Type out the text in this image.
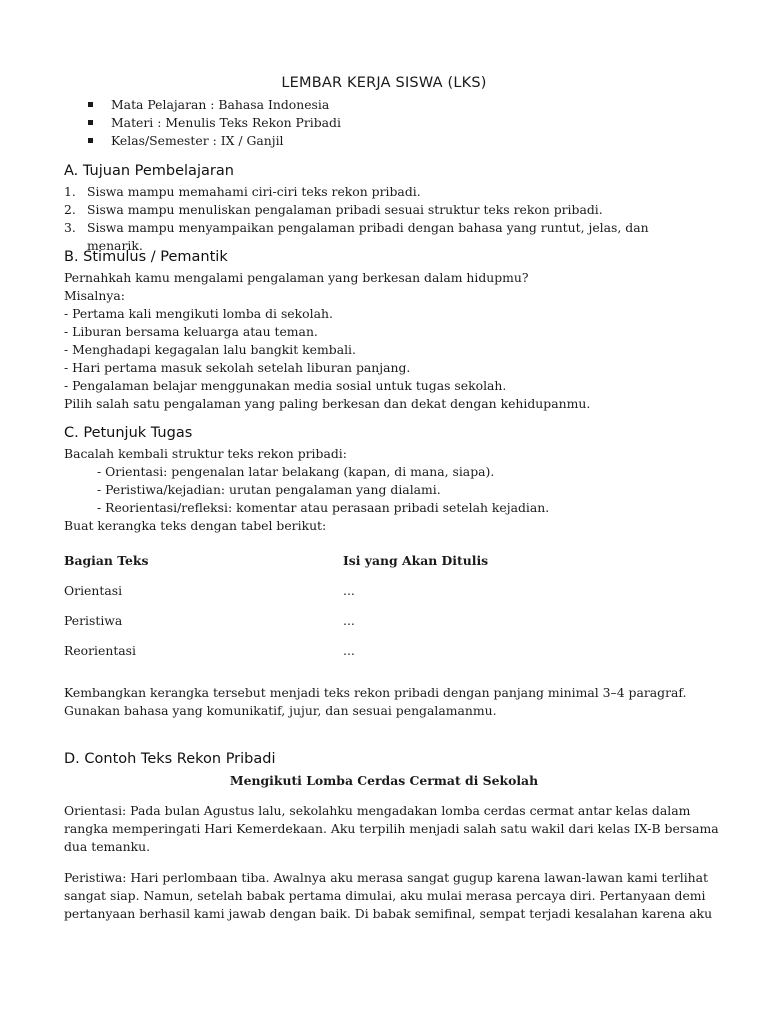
LEMBAR KERJA SISWA (LKS)
Mata Pelajaran : Bahasa Indonesia
Materi : Menulis Teks Rekon Pribadi
Kelas/Semester : IX / Ganjil
A. Tujuan Pembelajaran
1. Siswa mampu memahami ciri-ciri teks rekon pribadi.
2. Siswa mampu menuliskan pengalaman pribadi sesuai struktur teks rekon pribadi.
3. Siswa mampu menyampaikan pengalaman pribadi dengan bahasa yang runtut, jelas, dan menarik.
B. Stimulus / Pemantik
Pernahkah kamu mengalami pengalaman yang berkesan dalam hidupmu?
Misalnya:
- Pertama kali mengikuti lomba di sekolah.
- Liburan bersama keluarga atau teman.
- Menghadapi kegagalan lalu bangkit kembali.
- Hari pertama masuk sekolah setelah liburan panjang.
- Pengalaman belajar menggunakan media sosial untuk tugas sekolah.
Pilih salah satu pengalaman yang paling berkesan dan dekat dengan kehidupanmu.
C. Petunjuk Tugas
Bacalah kembali struktur teks rekon pribadi:
- Orientasi: pengenalan latar belakang (kapan, di mana, siapa).
- Peristiwa/kejadian: urutan pengalaman yang dialami.
- Reorientasi/refleksi: komentar atau perasaan pribadi setelah kejadian.
Buat kerangka teks dengan tabel berikut:
Bagian Teks	Isi yang Akan Ditulis
Orientasi	...
Peristiwa	...
Reorientasi	...
Kembangkan kerangka tersebut menjadi teks rekon pribadi dengan panjang minimal 3–4 paragraf.
Gunakan bahasa yang komunikatif, jujur, dan sesuai pengalamanmu.
D. Contoh Teks Rekon Pribadi
Mengikuti Lomba Cerdas Cermat di Sekolah
Orientasi: Pada bulan Agustus lalu, sekolahku mengadakan lomba cerdas cermat antar kelas dalam
rangka memperingati Hari Kemerdekaan. Aku terpilih menjadi salah satu wakil dari kelas IX-B bersama
dua temanku.
Peristiwa: Hari perlombaan tiba. Awalnya aku merasa sangat gugup karena lawan-lawan kami terlihat
sangat siap. Namun, setelah babak pertama dimulai, aku mulai merasa percaya diri. Pertanyaan demi
pertanyaan berhasil kami jawab dengan baik. Di babak semifinal, sempat terjadi kesalahan karena aku
